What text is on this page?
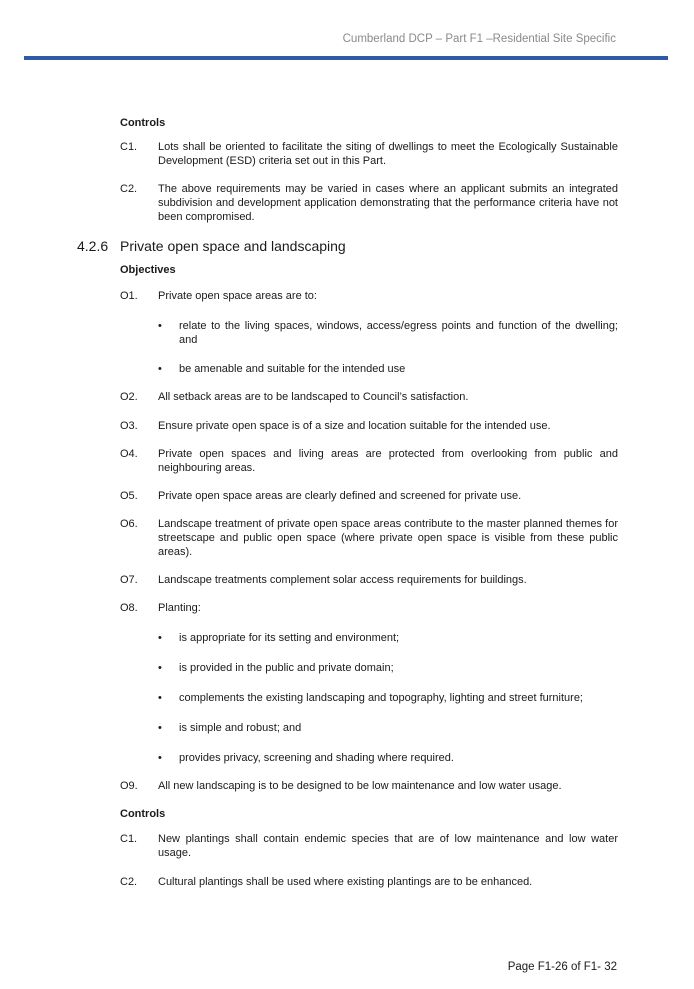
Cumberland DCP – Part F1 –Residential Site Specific
Controls
C1. Lots shall be oriented to facilitate the siting of dwellings to meet the Ecologically Sustainable Development (ESD) criteria set out in this Part.
C2. The above requirements may be varied in cases where an applicant submits an integrated subdivision and development application demonstrating that the performance criteria have not been compromised.
4.2.6 Private open space and landscaping
Objectives
O1. Private open space areas are to:
• relate to the living spaces, windows, access/egress points and function of the dwelling; and
• be amenable and suitable for the intended use
O2. All setback areas are to be landscaped to Council’s satisfaction.
O3. Ensure private open space is of a size and location suitable for the intended use.
O4. Private open spaces and living areas are protected from overlooking from public and neighbouring areas.
O5. Private open space areas are clearly defined and screened for private use.
O6. Landscape treatment of private open space areas contribute to the master planned themes for streetscape and public open space (where private open space is visible from these public areas).
O7. Landscape treatments complement solar access requirements for buildings.
O8. Planting:
• is appropriate for its setting and environment;
• is provided in the public and private domain;
• complements the existing landscaping and topography, lighting and street furniture;
• is simple and robust; and
• provides privacy, screening and shading where required.
O9. All new landscaping is to be designed to be low maintenance and low water usage.
Controls
C1. New plantings shall contain endemic species that are of low maintenance and low water usage.
C2. Cultural plantings shall be used where existing plantings are to be enhanced.
Page F1-26 of F1- 32
